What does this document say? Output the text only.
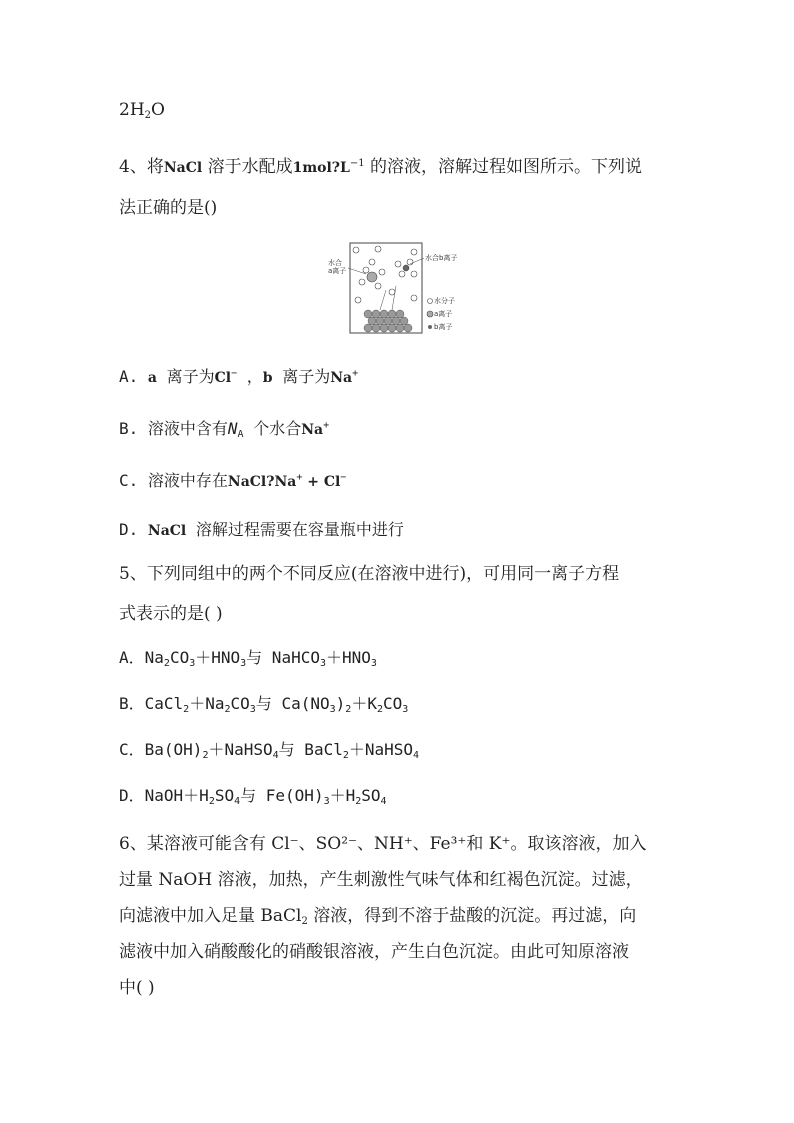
$2H_2O$
4、将NaCl 溶于水配成$1mol?L^{-1}$ 的溶液，溶解过程如图所示。下列说
法正确的是()
水合
a离子
水合b离子
水分子
a离子
b离子
A. a 离子为Cl− ，b 离子为Na+
B. 溶液中含有$N_A$ 个水合Na+
C. 溶液中存在NaCl?Na+ + Cl−
D. NaCl 溶解过程需要在容量瓶中进行
5、下列同组中的两个不同反应(在溶液中进行)，可用同一离子方程
式表示的是( )
A．$Na_2CO_3+HNO_3$与 $NaHCO_3+HNO_3$
B．$CaCl_2+Na_2CO_3$与 $Ca(NO_3)_2+K_2CO_3$
C．$Ba(OH)_2+NaHSO_4$与 BaCl$_2$＋NaHSO$_4$
D．$NaOH+H_2SO_4$与 $Fe(OH)_3+H_2SO_4$
6、某溶液可能含有 Cl⁻、SO²⁻、NH⁺、Fe³⁺和 K⁺。取该溶液，加入
过量 NaOH 溶液，加热，产生刺激性气味气体和红褐色沉淀。过滤，
向滤液中加入足量 BaCl$_2$ 溶液，得到不溶于盐酸的沉淀。再过滤，向
滤液中加入硝酸酸化的硝酸银溶液，产生白色沉淀。由此可知原溶液
中( )
